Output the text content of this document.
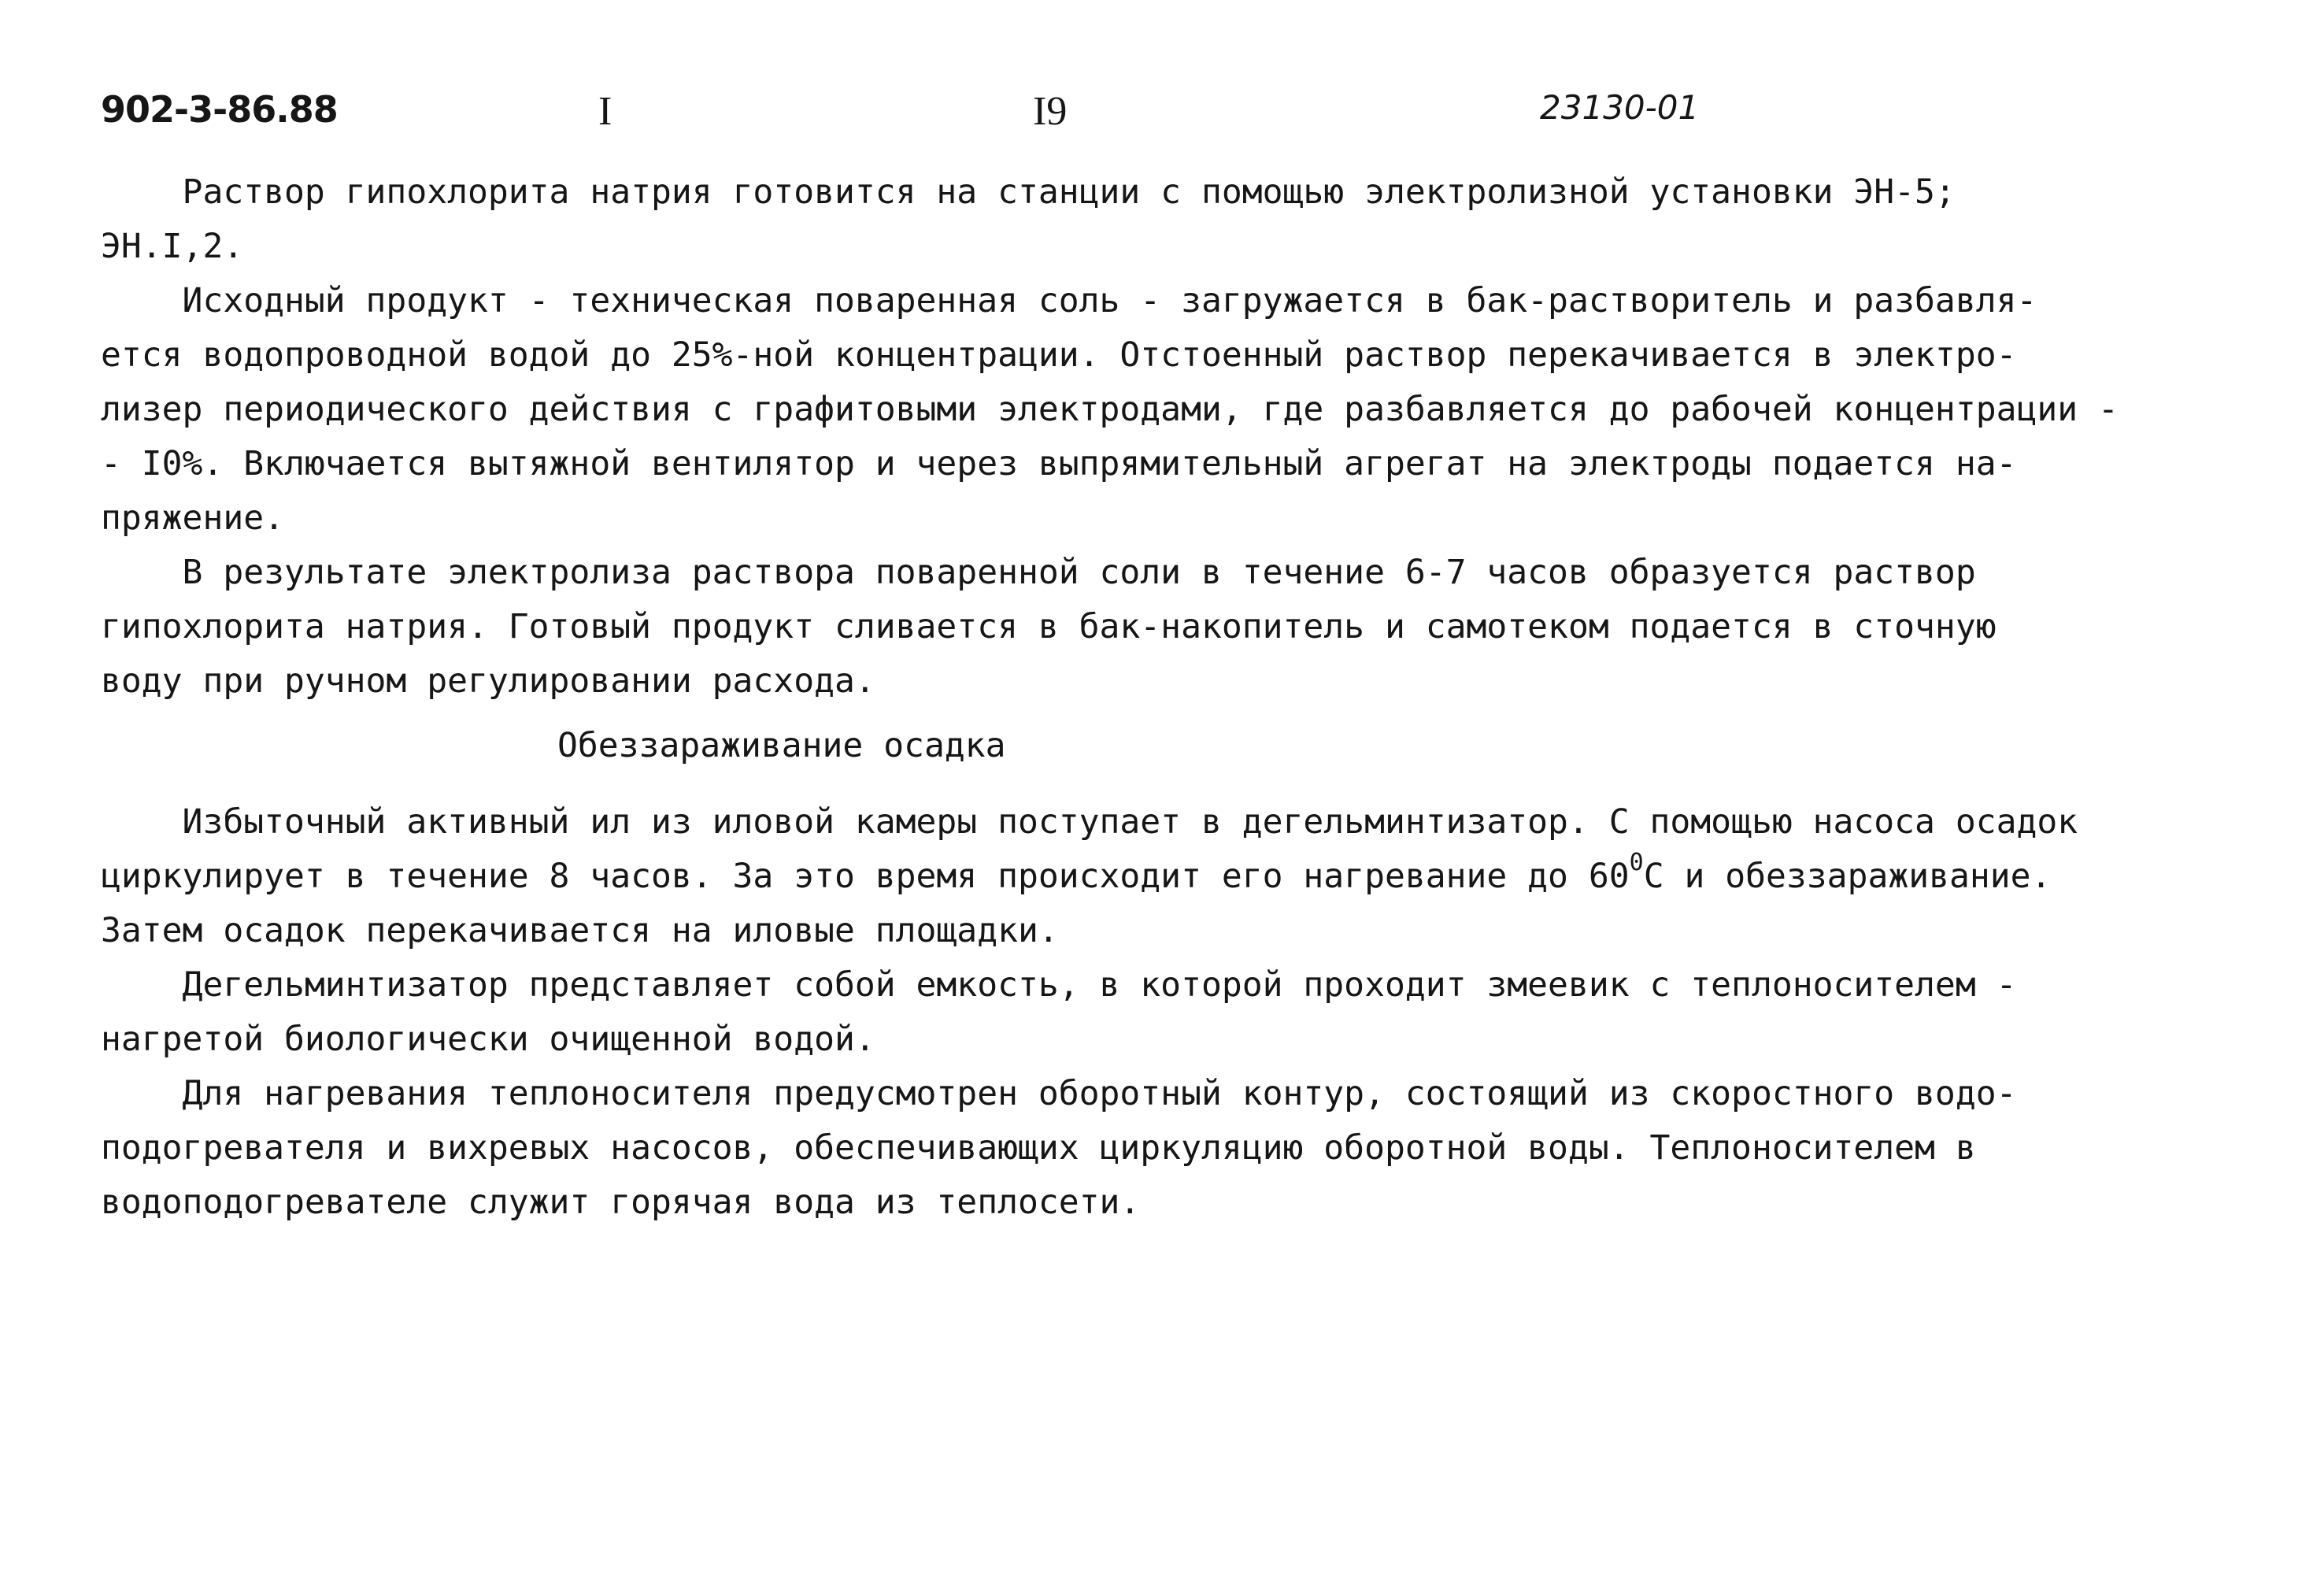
902-3-86.88	I	I9	23130-01
Раствор гипохлорита натрия готовится на станции с помощью электролизной установки ЭН-5;
ЭН.I,2.
Исходный продукт - техническая поваренная соль - загружается в бак-растворитель и разбавля-
ется водопроводной водой до 25%-ной концентрации. Отстоенный раствор перекачивается в электро-
лизер периодического действия с графитовыми электродами, где разбавляется до рабочей концентрации -
- I0%. Включается вытяжной вентилятор и через выпрямительный агрегат на электроды подается на-
пряжение.
В результате электролиза раствора поваренной соли в течение 6-7 часов образуется раствор
гипохлорита натрия. Готовый продукт сливается в бак-накопитель и самотеком подается в сточную
воду при ручном регулировании расхода.
Обеззараживание осадка
Избыточный активный ил из иловой камеры поступает в дегельминтизатор. С помощью насоса осадок
циркулирует в течение 8 часов. За это время происходит его нагревание до $60^0С$ и обеззараживание.
Затем осадок перекачивается на иловые площадки.
Дегельминтизатор представляет собой емкость, в которой проходит змеевик с теплоносителем -
нагретой биологически очищенной водой.
Для нагревания теплоносителя предусмотрен оборотный контур, состоящий из скоростного водо-
подогревателя и вихревых насосов, обеспечивающих циркуляцию оборотной воды. Теплоносителем в
водоподогревателе служит горячая вода из теплосети.
